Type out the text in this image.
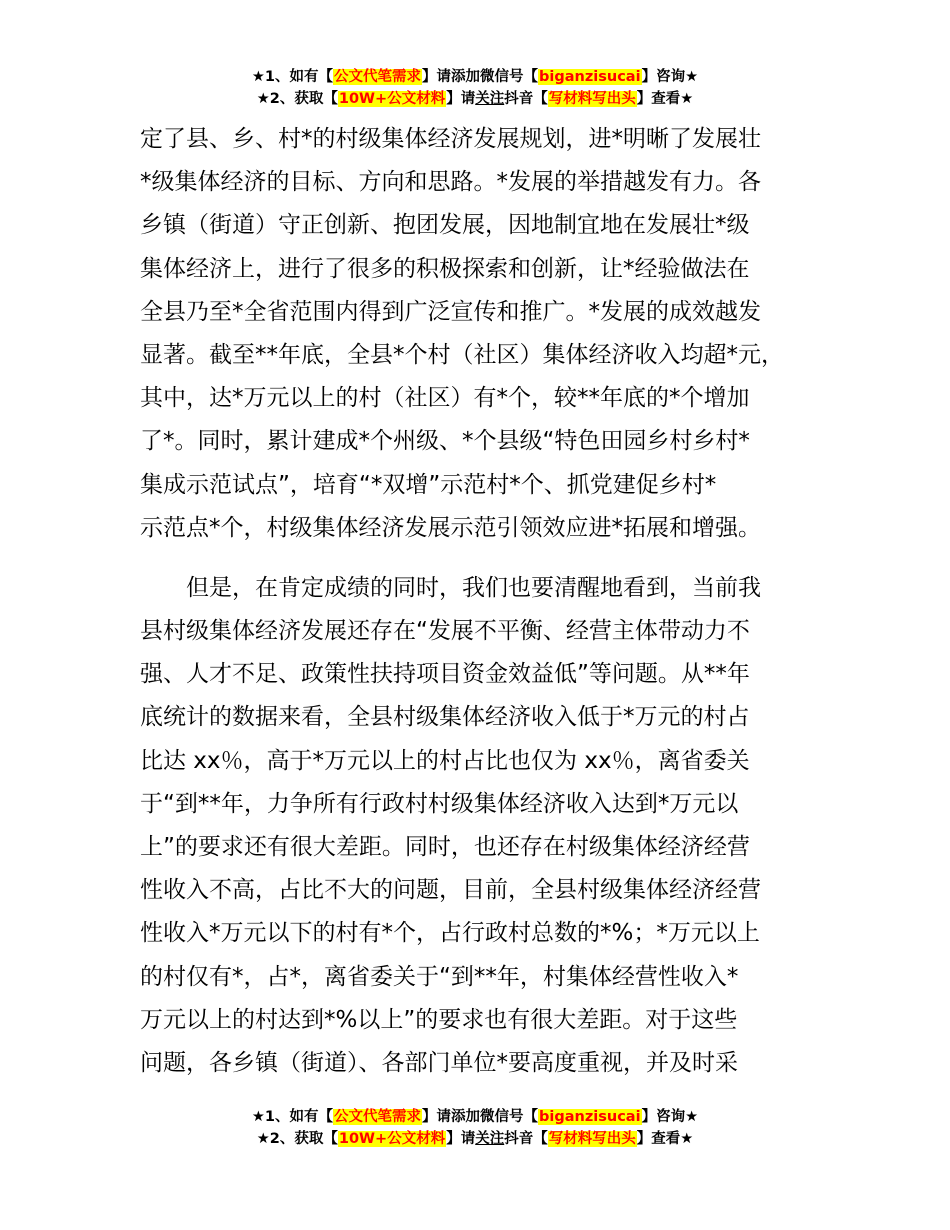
★1、如有【公文代笔需求】请添加微信号【biganzisucai】咨询★
★2、获取【10W+公文材料】请关注抖音【写材料写出头】查看★
定了县、乡、村*的村级集体经济发展规划，进*明晰了发展壮
*级集体经济的目标、方向和思路。*发展的举措越发有力。各
乡镇（街道）守正创新、抱团发展，因地制宜地在发展壮*级
集体经济上，进行了很多的积极探索和创新，让*经验做法在
全县乃至*全省范围内得到广泛宣传和推广。*发展的成效越发
显著。截至**年底，全县*个村（社区）集体经济收入均超*元，
其中，达*万元以上的村（社区）有*个，较**年底的*个增加
了*。同时，累计建成*个州级、*个县级“特色田园乡村乡村*
集成示范试点”，培育“*双增”示范村*个、抓党建促乡村*
示范点*个，村级集体经济发展示范引领效应进*拓展和增强。
但是，在肯定成绩的同时，我们也要清醒地看到，当前我
县村级集体经济发展还存在“发展不平衡、经营主体带动力不
强、人才不足、政策性扶持项目资金效益低”等问题。从**年
底统计的数据来看，全县村级集体经济收入低于*万元的村占
比达 xx％，高于*万元以上的村占比也仅为 xx％，离省委关
于“到**年，力争所有行政村村级集体经济收入达到*万元以
上”的要求还有很大差距。同时，也还存在村级集体经济经营
性收入不高，占比不大的问题，目前，全县村级集体经济经营
性收入*万元以下的村有*个，占行政村总数的*%；*万元以上
的村仅有*，占*，离省委关于“到**年，村集体经营性收入*
万元以上的村达到*%以上”的要求也有很大差距。对于这些
问题，各乡镇（街道）、各部门单位*要高度重视，并及时采
★1、如有【公文代笔需求】请添加微信号【biganzisucai】咨询★
★2、获取【10W+公文材料】请关注抖音【写材料写出头】查看★
